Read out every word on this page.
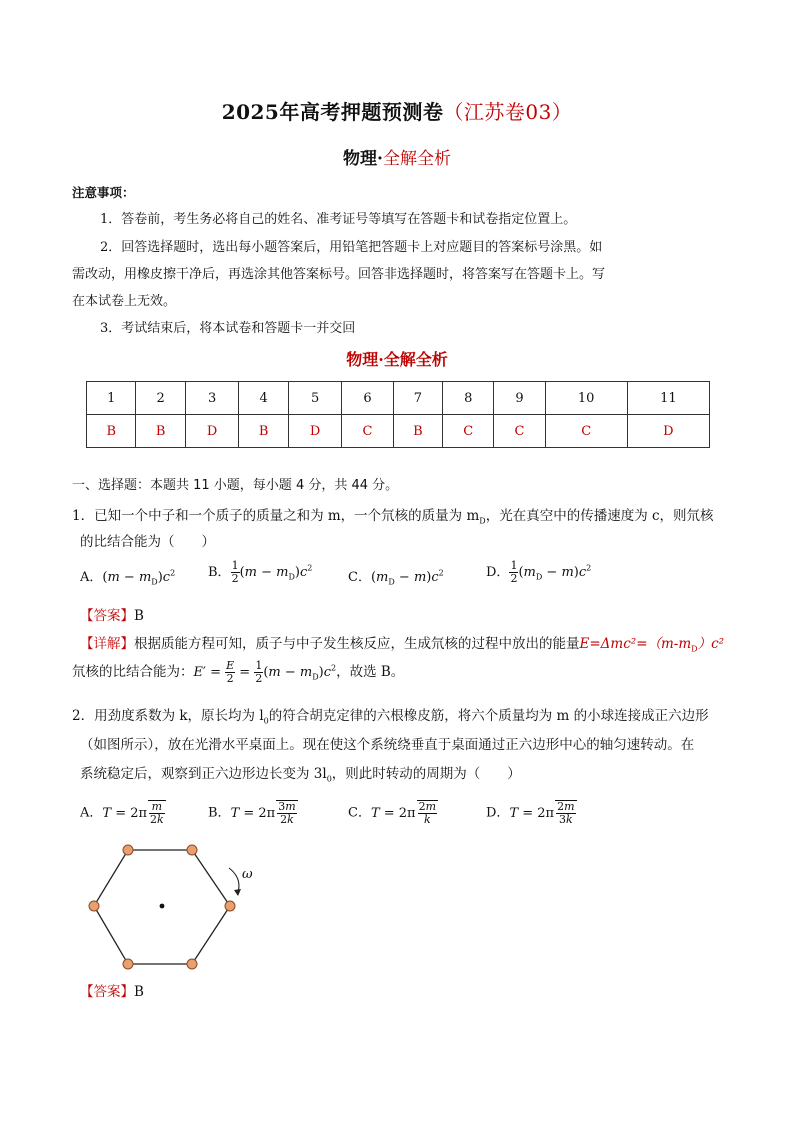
2025年高考押题预测卷（江苏卷03）
物理·全解全析
注意事项：
1．答卷前，考生务必将自己的姓名、准考证号等填写在答题卡和试卷指定位置上。
2．回答选择题时，选出每小题答案后，用铅笔把答题卡上对应题目的答案标号涂黑。如
需改动，用橡皮擦干净后，再选涂其他答案标号。回答非选择题时，将答案写在答题卡上。写
在本试卷上无效。
3．考试结束后，将本试卷和答题卡一并交回
物理·全解全析
1	2	3	4	5	6	7	8	9	10	11
B	B	D	B	D	C	B	C	C	C	D
一、选择题：本题共 11 小题，每小题 4 分，共 44 分。
1．已知一个中子和一个质子的质量之和为 m，一个氘核的质量为 $m_D$，光在真空中的传播速度为 c，则氘核
的比结合能为（　　）
A．$(m - m_D)c^2$	B． $\frac{1}{2} (m - m_D)c^2$
C．$(m_D - m)c^2$	D． $\frac{1}{2} (m_D - m)c^2$
【答案】B
【详解】根据质能方程可知，质子与中子发生核反应，生成氘核的过程中放出的能量$E=\Delta mc^2=(m-m_D)c^2$
氘核的比结合能为：$E' = \frac{E}{2} = \frac{1}{2} (m - m_D)c^2$，故选 B。
2．用劲度系数为 k，原长均为 $l_0$的符合胡克定律的六根橡皮筋，将六个质量均为 m 的小球连接成正六边形
（如图所示），放在光滑水平桌面上。现在使这个系统绕垂直于桌面通过正六边形中心的轴匀速转动。在
系统稳定后，观察到正六边形边长变为 $3l_0$，则此时转动的周期为（　　）
A．$T = 2\pi \frac{m}{2k}$	B．$T = 2\pi \frac{3m}{2k}$	C．$T = 2\pi \frac{2m}{k}$	D．$T = 2\pi \frac{2m}{3k}$
ω
【答案】B
